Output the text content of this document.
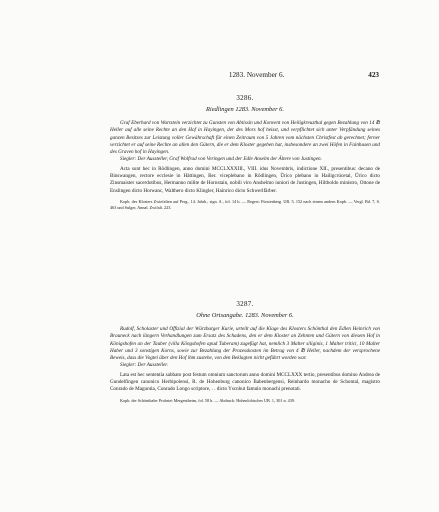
1283. November 6.	423
3286.
Riedlingen 1283. November 6.
Graf Eberhard von Wartstein verzichtet zu Gunsten von Abtissin und Konvent von Heiligkreuzthal gegen Bezahlung von 14 ℔ Heller auf alle seine Rechte an den Hof in Hayingen, der des Mors hof heisst, und verpflichtet sich unter Verpfändung seines ganzen Besitzes zur Leistung voller Gewährschaft für einen Zeitraum von 5 Jahren vom nächsten Christfest ab gerechnet; ferner verzichtet er auf seine Rechte an allen den Gütern, die er dem Kloster gegeben hat, insbesondere an zwei Höfen in Fainhusen und des Graven hof in Hayingen.
Siegler: Der Aussteller, Graf Wolfrad von Veringen und der Edle Anselm der Ältere von Justingen.
Acta sunt hec in Rŏdlingen, anno domini MCCLXXXIII., VIII. idus Novembris, indictione XII., presentibus: decano de Binswangen, rectore ecclesie in Hättingen, Ber. viceplebano in Rŏdlingen, Ŭrico plebano in Hailigcrúcetal, Ŭrico dicto Zinsmaister sacerdotibus, Hermanno milite de Hornstain, nobili viro Anshelmo iuniori de Justingen, Hiltboldo ministro, Ottone de Enslingen dicto Horwanc, Walthero dicto Klingler, Hainrico dicto Schwerlfärber.
Kopb. des Klosters Zwiefalten auf Perg., 14. Jahrh., sign. A., fol. 14 b. — Regest: Fürstenberg. UB. 5, 152 nach einem andern Kopb. — Vergl. Bd. 7, S. 463 und Sulger, Annal. Zwifalt. 223.
3287.
Ohne Ortsangabe. 1283. November 6.
Rudolf, Scholaster und Offizial der Würzburger Kurie, urteilt auf die Klage des Klosters Schönthal den Edlen Heinrich von Brauneck nach längern Verhandlungen zum Ersatz des Schadens, den er dem Kloster an Zehnten und Gütern von diesem Hof in Königshofen an der Tauber (villa Kŏngshofen apud Tuberam) zugefügt hat, nemlich 3 Malter siliginis, 1 Malter tritici, 10 Malter Haber und 3 sonstigen Korns, sowie zur Bezahlung der Prozesskosten im Betrag von 4 ℔ Heller, nachdem der versprochene Beweis, dass die Vogtei über den Hof ihm zustehe, von den Beklagten nicht geführt worden war.
Siegler: Der Aussteller.
Lata est hec sententia sabbato post festum omnium sanctorum anno domini MCCLXXX tertio, presentibus domino Andrea de Gundelfingen canonico Herbipolensi, R. de Hohenburg canonico Babenbergensi, Reinhardo monacho de Schontal, magistro Conrado de Maguntia, Conrado Longo scriptore, . . dicto Yscnhut famulo monachi prenotati.
Kopb. der Schönthaler Probstei Mergentheim, fol. 58 b. — Abdruck: Hohenlohisches UB. 1, 301 n. 439.
